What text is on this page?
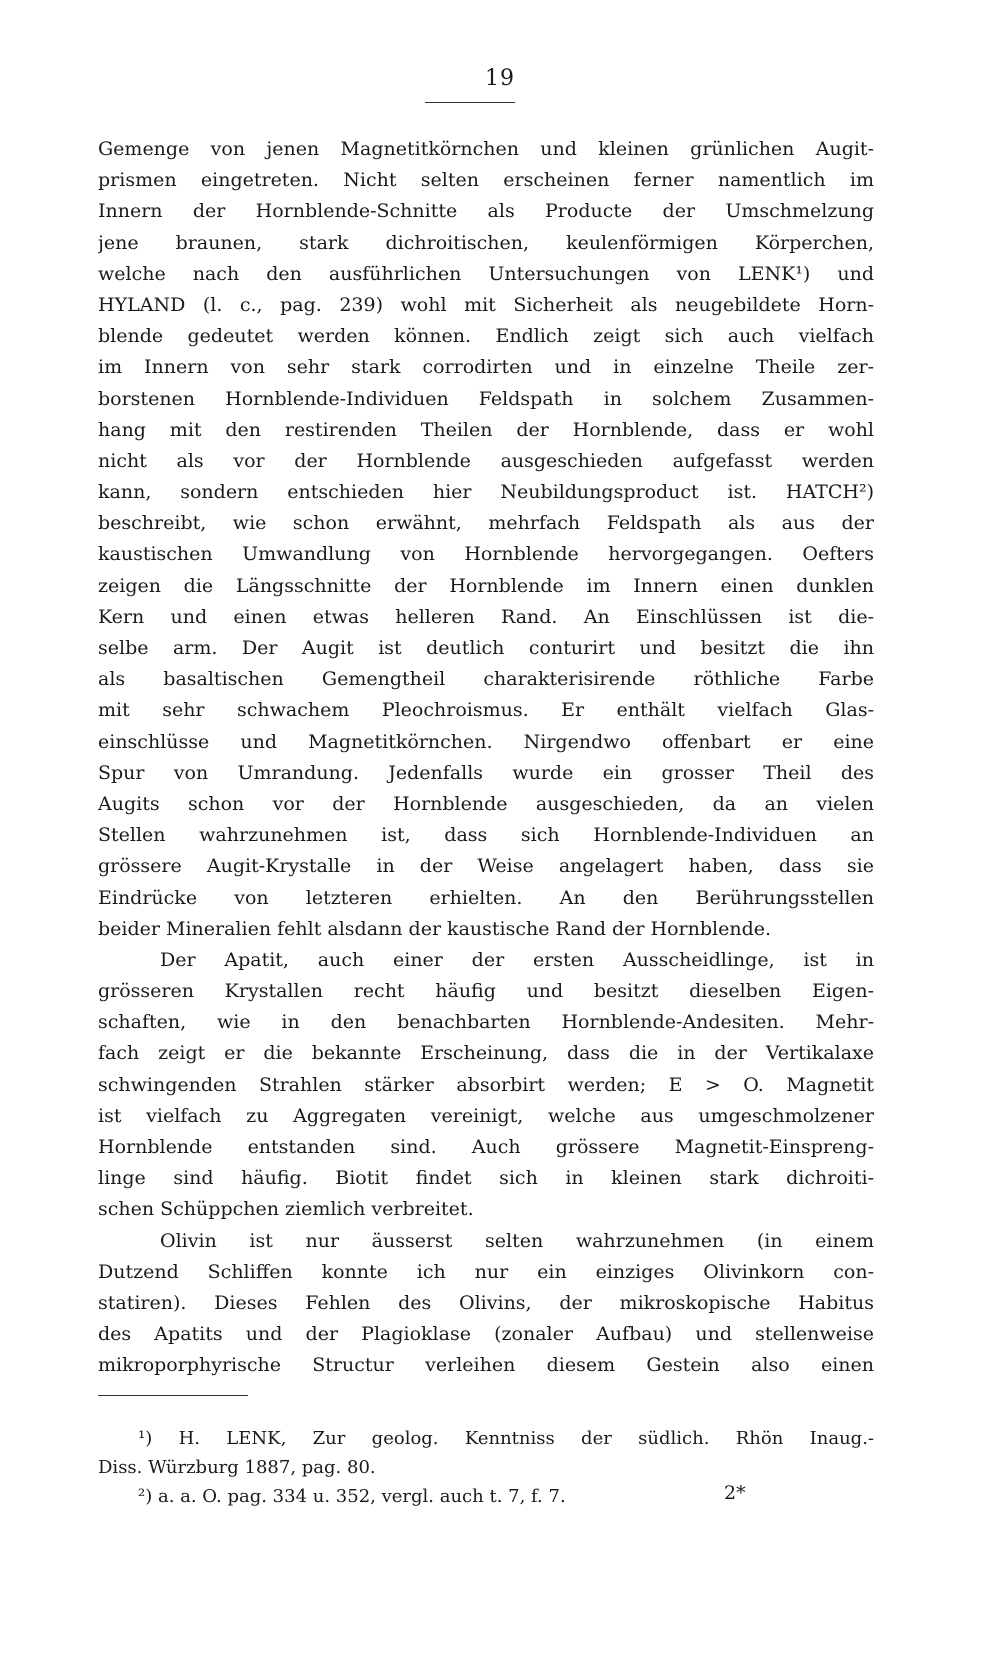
19
Gemenge von jenen Magnetitkörnchen und kleinen grünlichen Augit-
prismen eingetreten. Nicht selten erscheinen ferner namentlich im
Innern der Hornblende-Schnitte als Producte der Umschmelzung
jene braunen, stark dichroitischen, keulenförmigen Körperchen,
welche nach den ausführlichen Untersuchungen von LENK¹) und
HYLAND (l. c., pag. 239) wohl mit Sicherheit als neugebildete Horn-
blende gedeutet werden können. Endlich zeigt sich auch vielfach
im Innern von sehr stark corrodirten und in einzelne Theile zer-
borstenen Hornblende-Individuen Feldspath in solchem Zusammen-
hang mit den restirenden Theilen der Hornblende, dass er wohl
nicht als vor der Hornblende ausgeschieden aufgefasst werden
kann, sondern entschieden hier Neubildungsproduct ist. HATCH²)
beschreibt, wie schon erwähnt, mehrfach Feldspath als aus der
kaustischen Umwandlung von Hornblende hervorgegangen. Oefters
zeigen die Längsschnitte der Hornblende im Innern einen dunklen
Kern und einen etwas helleren Rand. An Einschlüssen ist die-
selbe arm. Der Augit ist deutlich conturirt und besitzt die ihn
als basaltischen Gemengtheil charakterisirende röthliche Farbe
mit sehr schwachem Pleochroismus. Er enthält vielfach Glas-
einschlüsse und Magnetitkörnchen. Nirgendwo offenbart er eine
Spur von Umrandung. Jedenfalls wurde ein grosser Theil des
Augits schon vor der Hornblende ausgeschieden, da an vielen
Stellen wahrzunehmen ist, dass sich Hornblende-Individuen an
grössere Augit-Krystalle in der Weise angelagert haben, dass sie
Eindrücke von letzteren erhielten. An den Berührungsstellen
beider Mineralien fehlt alsdann der kaustische Rand der Hornblende.
Der Apatit, auch einer der ersten Ausscheidlinge, ist in
grösseren Krystallen recht häufig und besitzt dieselben Eigen-
schaften, wie in den benachbarten Hornblende-Andesiten. Mehr-
fach zeigt er die bekannte Erscheinung, dass die in der Vertikalaxe
schwingenden Strahlen stärker absorbirt werden; E > O. Magnetit
ist vielfach zu Aggregaten vereinigt, welche aus umgeschmolzener
Hornblende entstanden sind. Auch grössere Magnetit-Einspreng-
linge sind häufig. Biotit findet sich in kleinen stark dichroiti-
schen Schüppchen ziemlich verbreitet.
Olivin ist nur äusserst selten wahrzunehmen (in einem
Dutzend Schliffen konnte ich nur ein einziges Olivinkorn con-
statiren). Dieses Fehlen des Olivins, der mikroskopische Habitus
des Apatits und der Plagioklase (zonaler Aufbau) und stellenweise
mikroporphyrische Structur verleihen diesem Gestein also einen
¹) H. LENK, Zur geolog. Kenntniss der südlich. Rhön Inaug.-
Diss. Würzburg 1887, pag. 80.
²) a. a. O. pag. 334 u. 352, vergl. auch t. 7, f. 7.	2*
